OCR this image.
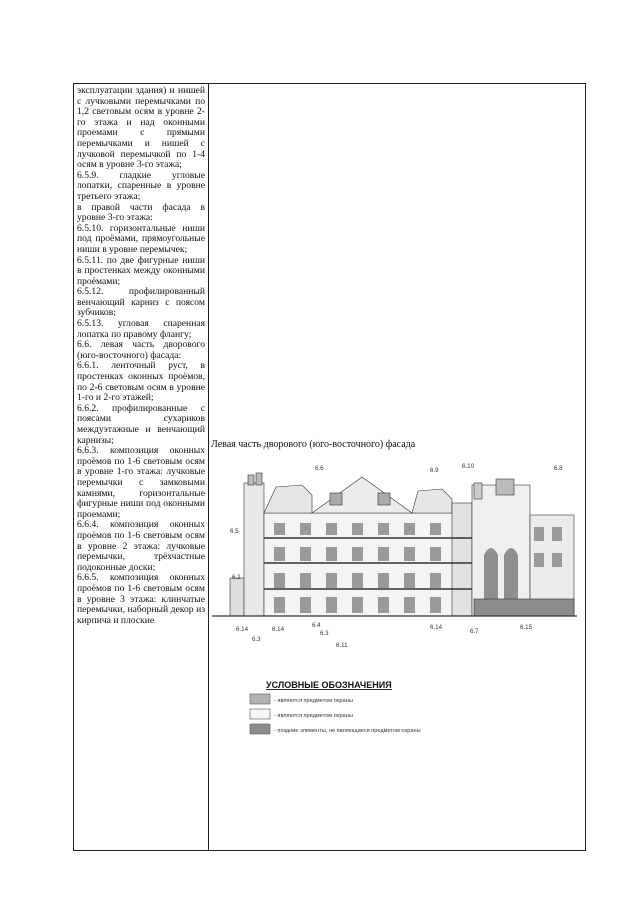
эксплуатации здания) и нишей с лучковыми перемычками по 1,2 световым осям в уровне 2-го этажа и над оконными проемами с прямыми перемычками и нишей с лучковой перемычкой по 1-4 осям в уровне 3-го этажа;

6.5.9. гладкие угловые лопатки, спаренные в уровне третьего этажа;

в правой части фасада в уровне 3-го этажа:

6.5.10. горизонтальные ниши под проёмами, прямоугольные ниши в уровне перемычек;

6.5.11. по две фигурные ниши в простенках между оконными проёмами;

6.5.12. профилированный венчающий карниз с поясом зубчиков;

6.5.13. угловая спаренная лопатка по правому флангу;

6.6. левая часть дворового (юго-восточного) фасада:

6.6.1. ленточный руст, в простенках оконных проёмов, по 2-6 световым осям в уровне 1-го и 2-го этажей;

6.6.2. профилированные с поясами сухариков междуэтажные и венчающий карнизы;

6.6.3. композиция оконных проёмов по 1-6 световым осям в уровне 1-го этажа: лучковые перемычки с замковыми камнями, горизонтальные фигурные ниши под оконными проемами;

6.6.4. композиция оконных проёмов по 1-6 световым осям в уровне 2 этажа: лучковые перемычки, трёхчастные подоконные доски;

6.6.5. композиция оконных проёмов по 1-6 световым осям в уровне 3 этажа: клинчатые перемычки, наборный декор из кирпича и плоские

Левая часть дворового (юго-восточного) фасада
6.6	6.9
6.10	6.8
6.5
6.2
6.14	6.14	6.14
6.4
6.3
6.3
6.11
6.7
6.15
УСЛОВНЫЕ ОБОЗНАЧЕНИЯ
- являются предметом охраны
- являются предметом охраны
- поздние элементы, не являющиеся предметом охраны
